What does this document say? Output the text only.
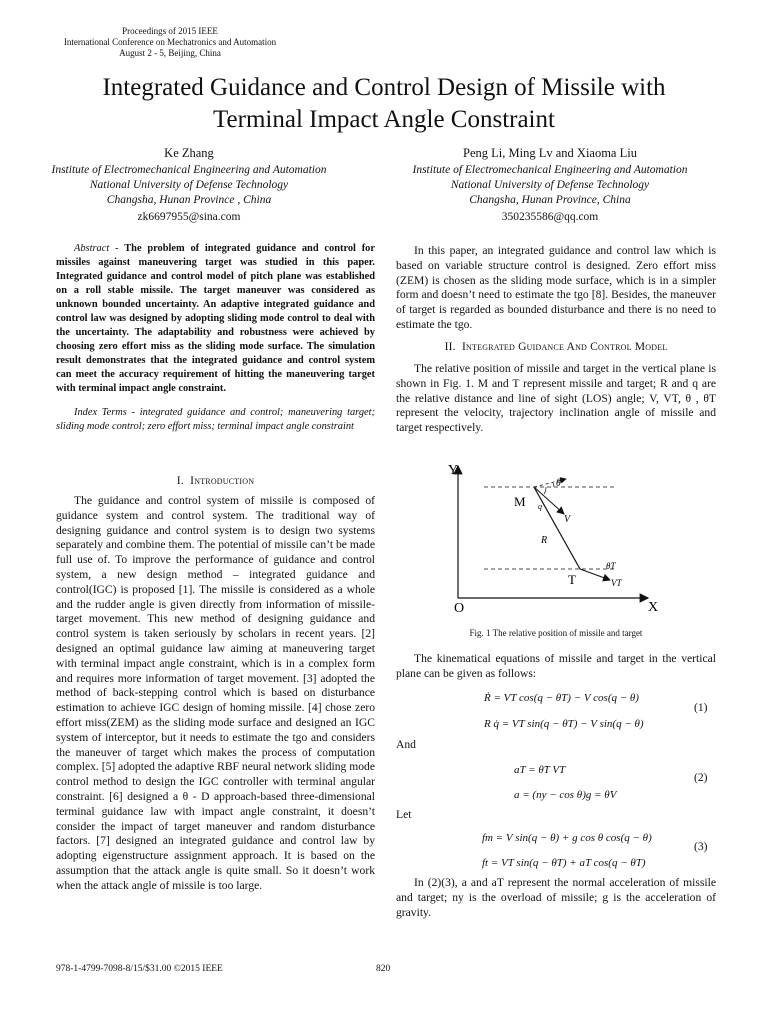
Proceedings of 2015 IEEE
International Conference on Mechatronics and Automation
August 2 - 5, Beijing, China
Integrated Guidance and Control Design of Missile with
Terminal Impact Angle Constraint
Ke Zhang
Institute of Electromechanical Engineering and Automation
National University of Defense Technology
Changsha, Hunan Province , China
zk6697955@sina.com
Peng Li, Ming Lv and Xiaoma Liu
Institute of Electromechanical Engineering and Automation
National University of Defense Technology
Changsha, Hunan Province, China
350235586@qq.com
Abstract - The problem of integrated guidance and control for missiles against maneuvering target was studied in this paper. Integrated guidance and control model of pitch plane was established on a roll stable missile. The target maneuver was considered as unknown bounded uncertainty. An adaptive integrated guidance and control law was designed by adopting sliding mode control to deal with the uncertainty. The adaptability and robustness were achieved by choosing zero effort miss as the sliding mode surface. The simulation result demonstrates that the integrated guidance and control system can meet the accuracy requirement of hitting the maneuvering target with terminal impact angle constraint.
Index Terms - integrated guidance and control; maneuvering target; sliding mode control; zero effort miss; terminal impact angle constraint
I. Introduction

The guidance and control system of missile is composed of guidance system and control system. The traditional way of designing guidance and control system is to design two systems separately and combine them. The potential of missile can’t be made full use of. To improve the performance of guidance and control system, a new design method – integrated guidance and control(IGC) is proposed [1]. The missile is considered as a whole and the rudder angle is given directly from information of missile-target movement. This new method of designing guidance and control system is taken seriously by scholars in recent years. [2] designed an optimal guidance law aiming at maneuvering target with terminal impact angle constraint, which is in a complex form and requires more information of target movement. [3] adopted the method of back-stepping control which is based on disturbance estimation to achieve IGC design of homing missile. [4] chose zero effort miss(ZEM) as the sliding mode surface and designed an IGC system of interceptor, but it needs to estimate the tgo and considers the maneuver of target which makes the process of computation complex. [5] adopted the adaptive RBF neural network sliding mode control method to design the IGC controller with terminal angular constraint. [6] designed a θ - D approach-based three-dimensional terminal guidance law with impact angle constraint, it doesn’t consider the impact of target maneuver and random disturbance factors. [7] designed an integrated guidance and control law by adopting eigenstructure assignment approach. It is based on the assumption that the attack angle is quite small. So it doesn’t work when the attack angle of missile is too large.

In this paper, an integrated guidance and control law which is based on variable structure control is designed. Zero effort miss (ZEM) is chosen as the sliding mode surface, which is in a simpler form and doesn’t need to estimate the tgo [8]. Besides, the maneuver of target is regarded as bounded disturbance and there is no need to estimate the tgo.

II. Integrated Guidance And Control Model

The relative position of missile and target in the vertical plane is shown in Fig. 1. M and T represent missile and target; R and q are the relative distance and line of sight (LOS) angle; V, VT, θ , θT represent the velocity, trajectory inclination angle of missile and target respectively.

Y
X
O
M
T
R
q
θ
V
θT
VT
Fig. 1 The relative position of missile and target

The kinematical equations of missile and target in the vertical plane can be given as follows:

Ṙ = VT cos(q − θT) − V cos(q − θ)
R q̇ = VT sin(q − θT) − V sin(q − θ)
(1)
And
aT = θ̇T VT
a = (ny − cos θ)g = θ̇V
(2)
Let
fm = V sin(q − θ) + g cos θ cos(q − θ)
ft = VT sin(q − θT) + aT cos(q − θT)
(3)

In (2)(3), a and aT represent the normal acceleration of missile and target; ny is the overload of missile; g is the acceleration of gravity.

978-1-4799-7098-8/15/$31.00 ©2015 IEEE	820
